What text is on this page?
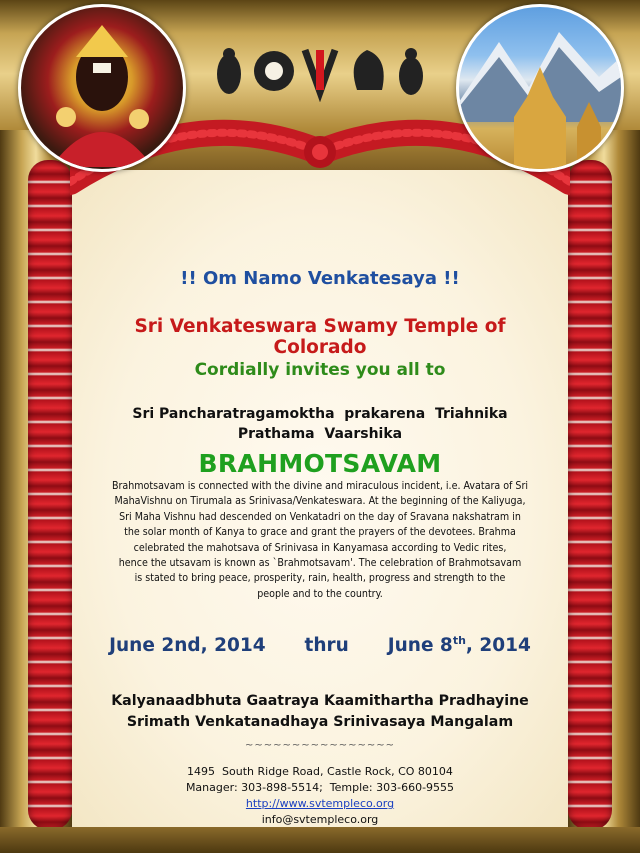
!! Om Namo Venkatesaya !!
Sri Venkateswara Swamy Temple of Colorado
Cordially invites you all to
Sri Pancharatragamoktha  prakarena  Triahnika
Prathama  Vaarshika
BRAHMOTSAVAM
Brahmotsavam is connected with the divine and miraculous incident, i.e. Avatara of Sri
MahaVishnu on Tirumala as Srinivasa/Venkateswara. At the beginning of the Kaliyuga,
Sri Maha Vishnu had descended on Venkatadri on the day of Sravana nakshatram in
the solar month of Kanya to grace and grant the prayers of the devotees. Brahma
celebrated the mahotsava of Srinivasa in Kanyamasa according to Vedic rites,
hence the utsavam is known as `Brahmotsavam'. The celebration of Brahmotsavam
is stated to bring peace, prosperity, rain, health, progress and strength to the
people and to the country.
June 2nd, 2014 thru June 8th, 2014
Kalyanaadbhuta Gaatraya Kaamithartha Pradhayine
Srimath Venkatanadhaya Srinivasaya Mangalam
~~~~~~~~~~~~~~~~
1495  South Ridge Road, Castle Rock, CO 80104
Manager: 303-898-5514;  Temple: 303-660-9555
http://www.svtempleco.org
info@svtempleco.org
